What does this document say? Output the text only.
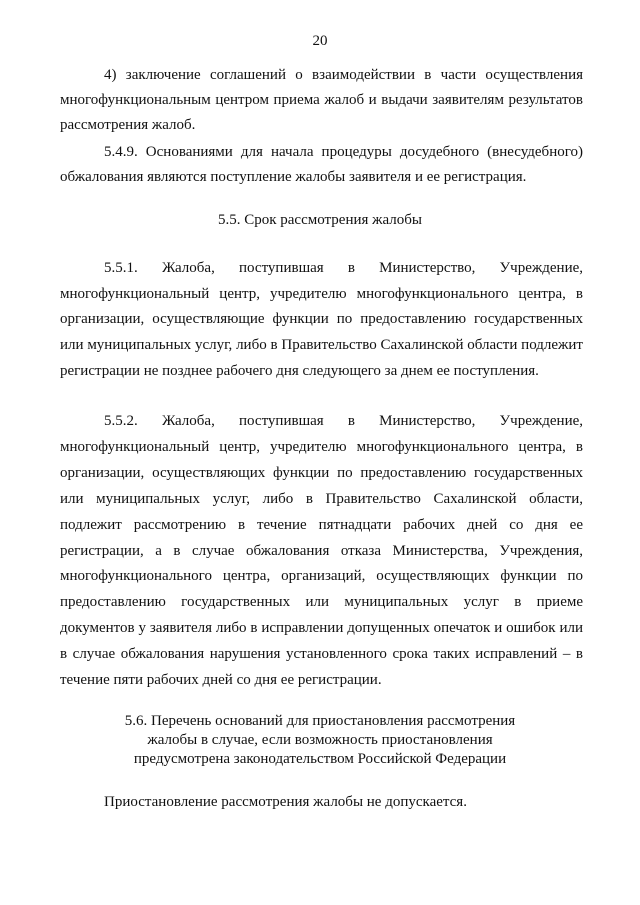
20

4) заключение соглашений о взаимодействии в части осуществления многофункциональным центром приема жалоб и выдачи заявителям результатов рассмотрения жалоб.

5.4.9. Основаниями для начала процедуры досудебного (внесудебного) обжалования являются поступление жалобы заявителя и ее регистрация.

5.5. Срок рассмотрения жалобы

5.5.1. Жалоба, поступившая в Министерство, Учреждение, многофункциональный центр, учредителю многофункционального центра, в организации, осуществляющие функции по предоставлению государственных или муниципальных услуг, либо в Правительство Сахалинской области подлежит регистрации не позднее рабочего дня следующего за днем ее поступления.

5.5.2. Жалоба, поступившая в Министерство, Учреждение, многофункциональный центр, учредителю многофункционального центра, в организации, осуществляющих функции по предоставлению государственных или муниципальных услуг, либо в Правительство Сахалинской области, подлежит рассмотрению в течение пятнадцати рабочих дней со дня ее регистрации, а в случае обжалования отказа Министерства, Учреждения, многофункционального центра, организаций, осуществляющих функции по предоставлению государственных или муниципальных услуг в приеме документов у заявителя либо в исправлении допущенных опечаток и ошибок или в случае обжалования нарушения установленного срока таких исправлений – в течение пяти рабочих дней со дня ее регистрации.

5.6. Перечень оснований для приостановления рассмотрения
жалобы в случае, если возможность приостановления
предусмотрена законодательством Российской Федерации

Приостановление рассмотрения жалобы не допускается.
